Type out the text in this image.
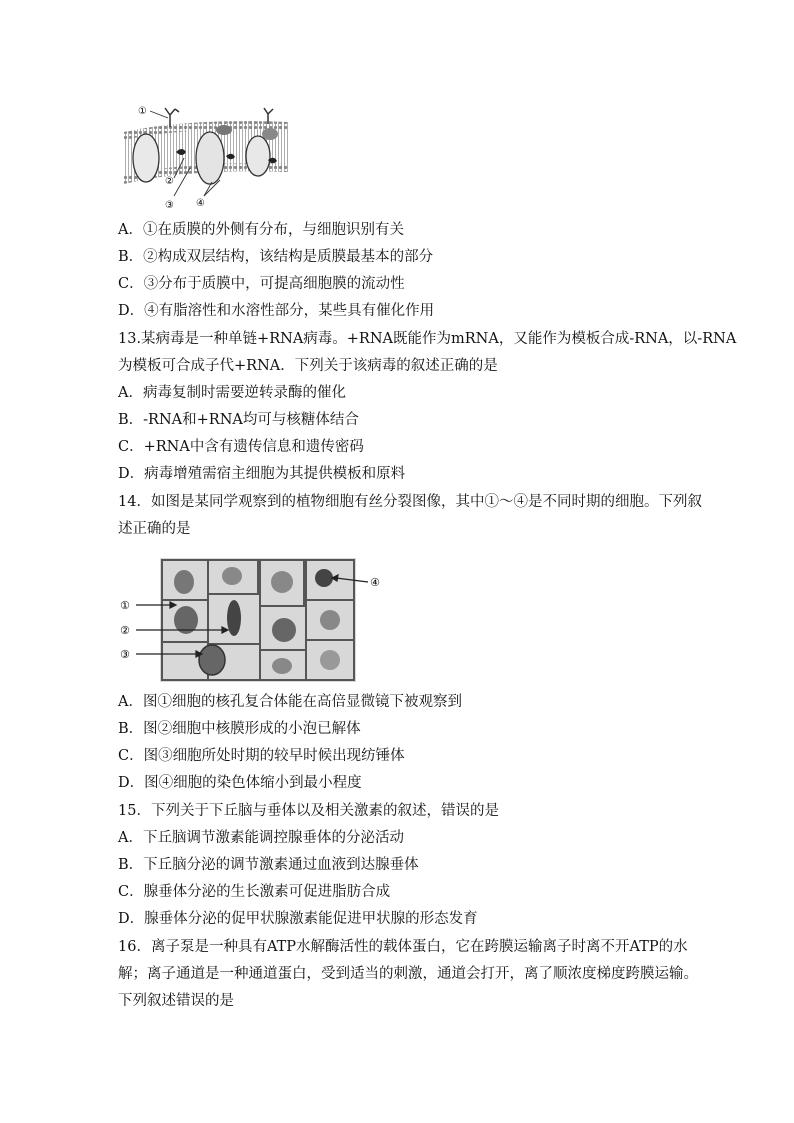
①
②
③ ④
A．①在质膜的外侧有分布，与细胞识别有关
B．②构成双层结构，该结构是质膜最基本的部分
C．③分布于质膜中，可提高细胞膜的流动性
D．④有脂溶性和水溶性部分，某些具有催化作用
13.某病毒是一种单链+RNA病毒。+RNA既能作为mRNA，又能作为模板合成-RNA，以-RNA
为模板可合成子代+RNA．下列关于该病毒的叙述正确的是
A．病毒复制时需要逆转录酶的催化
B．-RNA和+RNA均可与核糖体结合
C．+RNA中含有遗传信息和遗传密码
D．病毒增殖需宿主细胞为其提供模板和原料
14．如图是某同学观察到的植物细胞有丝分裂图像，其中①～④是不同时期的细胞。下列叙
述正确的是
①
②
③
④
A．图①细胞的核孔复合体能在高倍显微镜下被观察到
B．图②细胞中核膜形成的小泡已解体
C．图③细胞所处时期的较早时候出现纺锤体
D．图④细胞的染色体缩小到最小程度
15．下列关于下丘脑与垂体以及相关激素的叙述，错误的是
A．下丘脑调节激素能调控腺垂体的分泌活动
B．下丘脑分泌的调节激素通过血液到达腺垂体
C．腺垂体分泌的生长激素可促进脂肪合成
D．腺垂体分泌的促甲状腺激素能促进甲状腺的形态发育
16．离子泵是一种具有ATP水解酶活性的载体蛋白，它在跨膜运输离子时离不开ATP的水
解；离子通道是一种通道蛋白，受到适当的刺激，通道会打开，离了顺浓度梯度跨膜运输。
下列叙述错误的是
